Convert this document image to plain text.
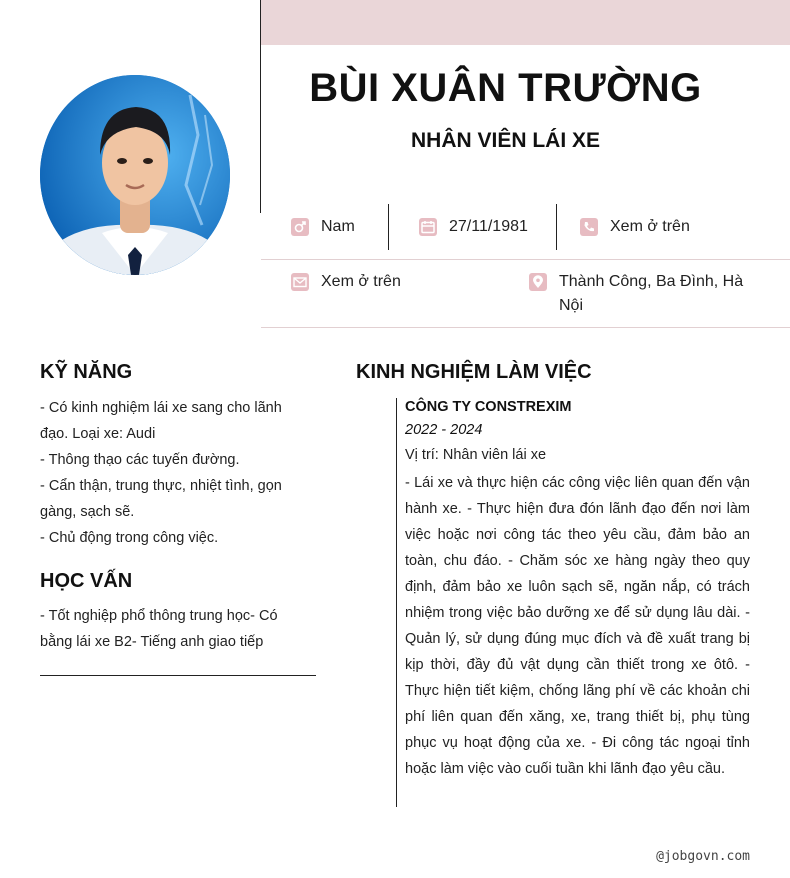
BÙI XUÂN TRƯỜNG
NHÂN VIÊN LÁI XE
Nam	27/11/1981	Xem ở trên
Xem ở trên	Thành Công, Ba Đình, Hà Nội
KỸ NĂNG
- Có kinh nghiệm lái xe sang cho lãnh đạo. Loại xe: Audi
- Thông thạo các tuyến đường.
- Cẩn thận, trung thực, nhiệt tình, gọn gàng, sạch sẽ.
- Chủ động trong công việc.
HỌC VẤN

- Tốt nghiệp phổ thông trung học- Có bằng lái xe B2- Tiếng anh giao tiếp

KINH NGHIỆM LÀM VIỆC

CÔNG TY CONSTREXIM

2022 - 2024

Vị trí: Nhân viên lái xe

- Lái xe và thực hiện các công việc liên quan đến vận hành xe. - Thực hiện đưa đón lãnh đạo đến nơi làm việc hoặc nơi công tác theo yêu cầu, đảm bảo an toàn, chu đáo. - Chăm sóc xe hàng ngày theo quy định, đảm bảo xe luôn sạch sẽ, ngăn nắp, có trách nhiệm trong việc bảo dưỡng xe để sử dụng lâu dài. - Quản lý, sử dụng đúng mục đích và đề xuất trang bị kịp thời, đầy đủ vật dụng cần thiết trong xe ôtô. - Thực hiện tiết kiệm, chống lãng phí về các khoản chi phí liên quan đến xăng, xe, trang thiết bị, phụ tùng phục vụ hoạt động của xe. - Đi công tác ngoại tỉnh hoặc làm việc vào cuối tuần khi lãnh đạo yêu cầu.

@jobgovn.com
